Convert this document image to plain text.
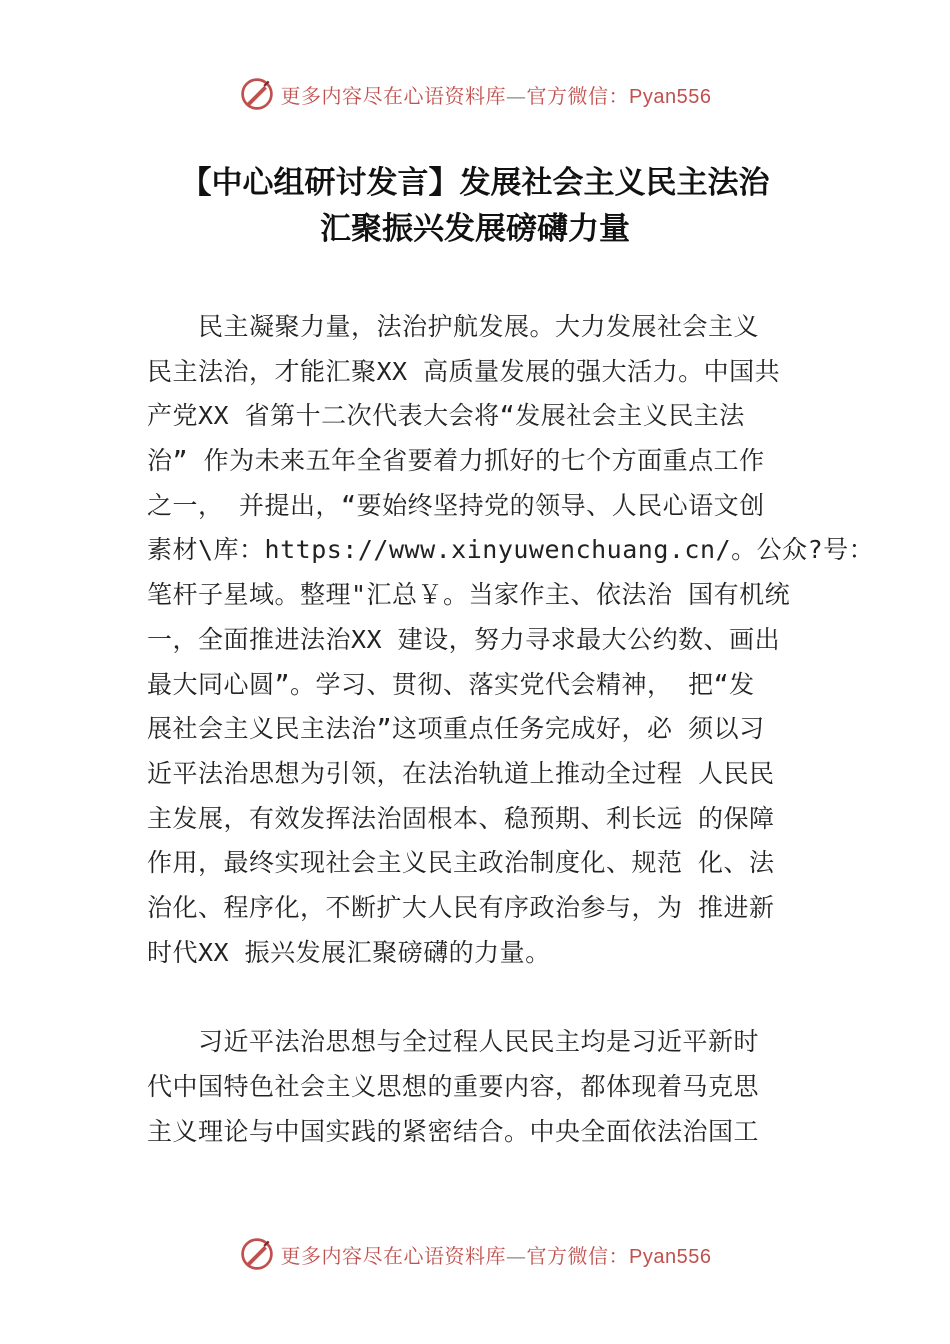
更多内容尽在心语资料库—官方微信：Pyan556
【中心组研讨发言】发展社会主义民主法治
汇聚振兴发展磅礴力量
　　民主凝聚力量，法治护航发展。大力发展社会主义
民主法治，才能汇聚XX 高质量发展的强大活力。中国共
产党XX 省第十二次代表大会将“发展社会主义民主法
治” 作为未来五年全省要着力抓好的七个方面重点工作
之一， 并提出，“要始终坚持党的领导、人民心语文创
素材\库：https://www.xinyuwenchuang.cn/。公众?号：
笔杆子星域。整理"汇总￥。当家作主、依法治 国有机统
一，全面推进法治XX 建设，努力寻求最大公约数、画出
最大同心圆”。学习、贯彻、落实党代会精神， 把“发
展社会主义民主法治”这项重点任务完成好，必 须以习
近平法治思想为引领，在法治轨道上推动全过程 人民民
主发展，有效发挥法治固根本、稳预期、利长远 的保障
作用，最终实现社会主义民主政治制度化、规范 化、法
治化、程序化，不断扩大人民有序政治参与，为 推进新
时代XX 振兴发展汇聚磅礴的力量。
　　习近平法治思想与全过程人民民主均是习近平新时
代中国特色社会主义思想的重要内容，都体现着马克思
主义理论与中国实践的紧密结合。中央全面依法治国工
更多内容尽在心语资料库—官方微信：Pyan556
